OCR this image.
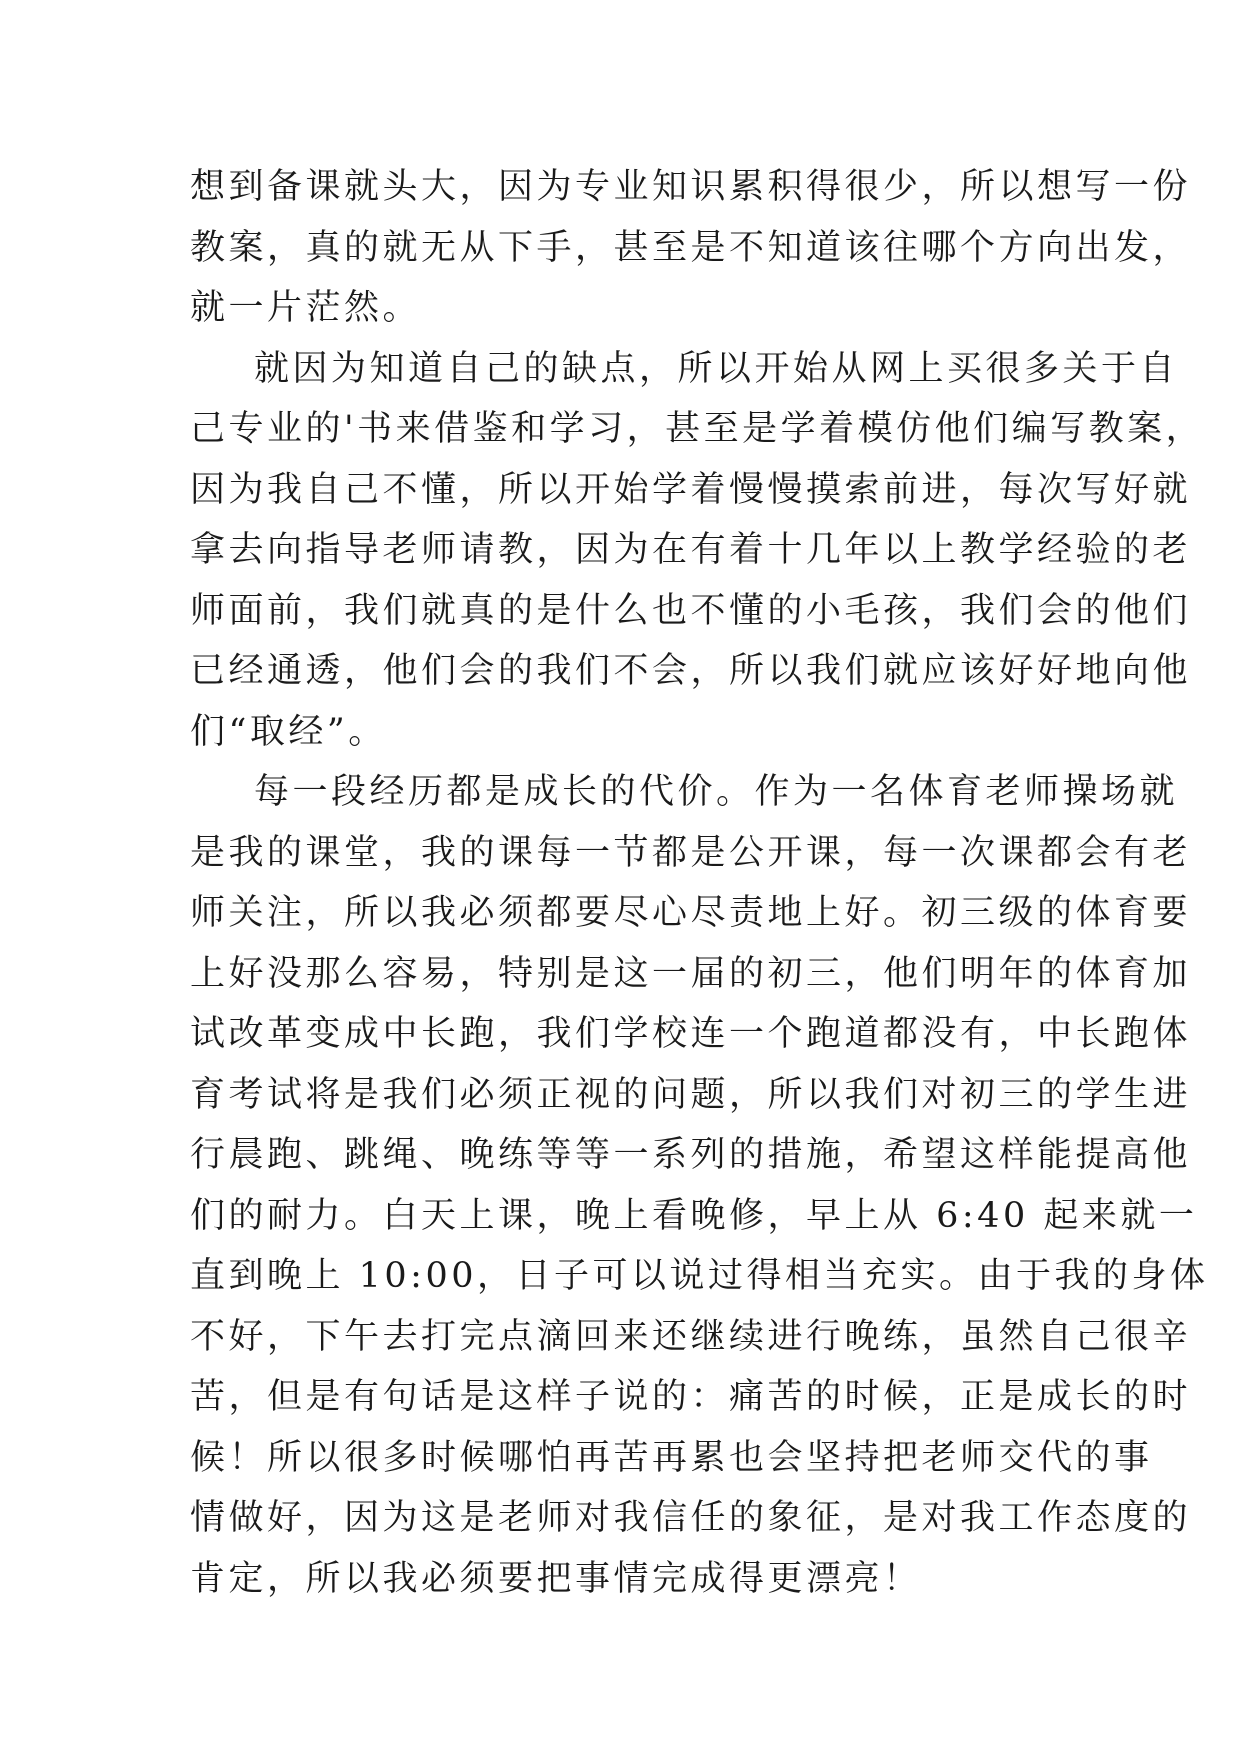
想到备课就头大，因为专业知识累积得很少，所以想写一份
教案，真的就无从下手，甚至是不知道该往哪个方向出发，
就一片茫然。
就因为知道自己的缺点，所以开始从网上买很多关于自
己专业的'书来借鉴和学习，甚至是学着模仿他们编写教案，
因为我自己不懂，所以开始学着慢慢摸索前进，每次写好就
拿去向指导老师请教，因为在有着十几年以上教学经验的老
师面前，我们就真的是什么也不懂的小毛孩，我们会的他们
已经通透，他们会的我们不会，所以我们就应该好好地向他
们“取经”。
每一段经历都是成长的代价。作为一名体育老师操场就
是我的课堂，我的课每一节都是公开课，每一次课都会有老
师关注，所以我必须都要尽心尽责地上好。初三级的体育要
上好没那么容易，特别是这一届的初三，他们明年的体育加
试改革变成中长跑，我们学校连一个跑道都没有，中长跑体
育考试将是我们必须正视的问题，所以我们对初三的学生进
行晨跑、跳绳、晚练等等一系列的措施，希望这样能提高他
们的耐力。白天上课，晚上看晚修，早上从 6:40 起来就一
直到晚上 10:00，日子可以说过得相当充实。由于我的身体
不好，下午去打完点滴回来还继续进行晚练，虽然自己很辛
苦，但是有句话是这样子说的：痛苦的时候，正是成长的时
候！所以很多时候哪怕再苦再累也会坚持把老师交代的事
情做好，因为这是老师对我信任的象征，是对我工作态度的
肯定，所以我必须要把事情完成得更漂亮！
